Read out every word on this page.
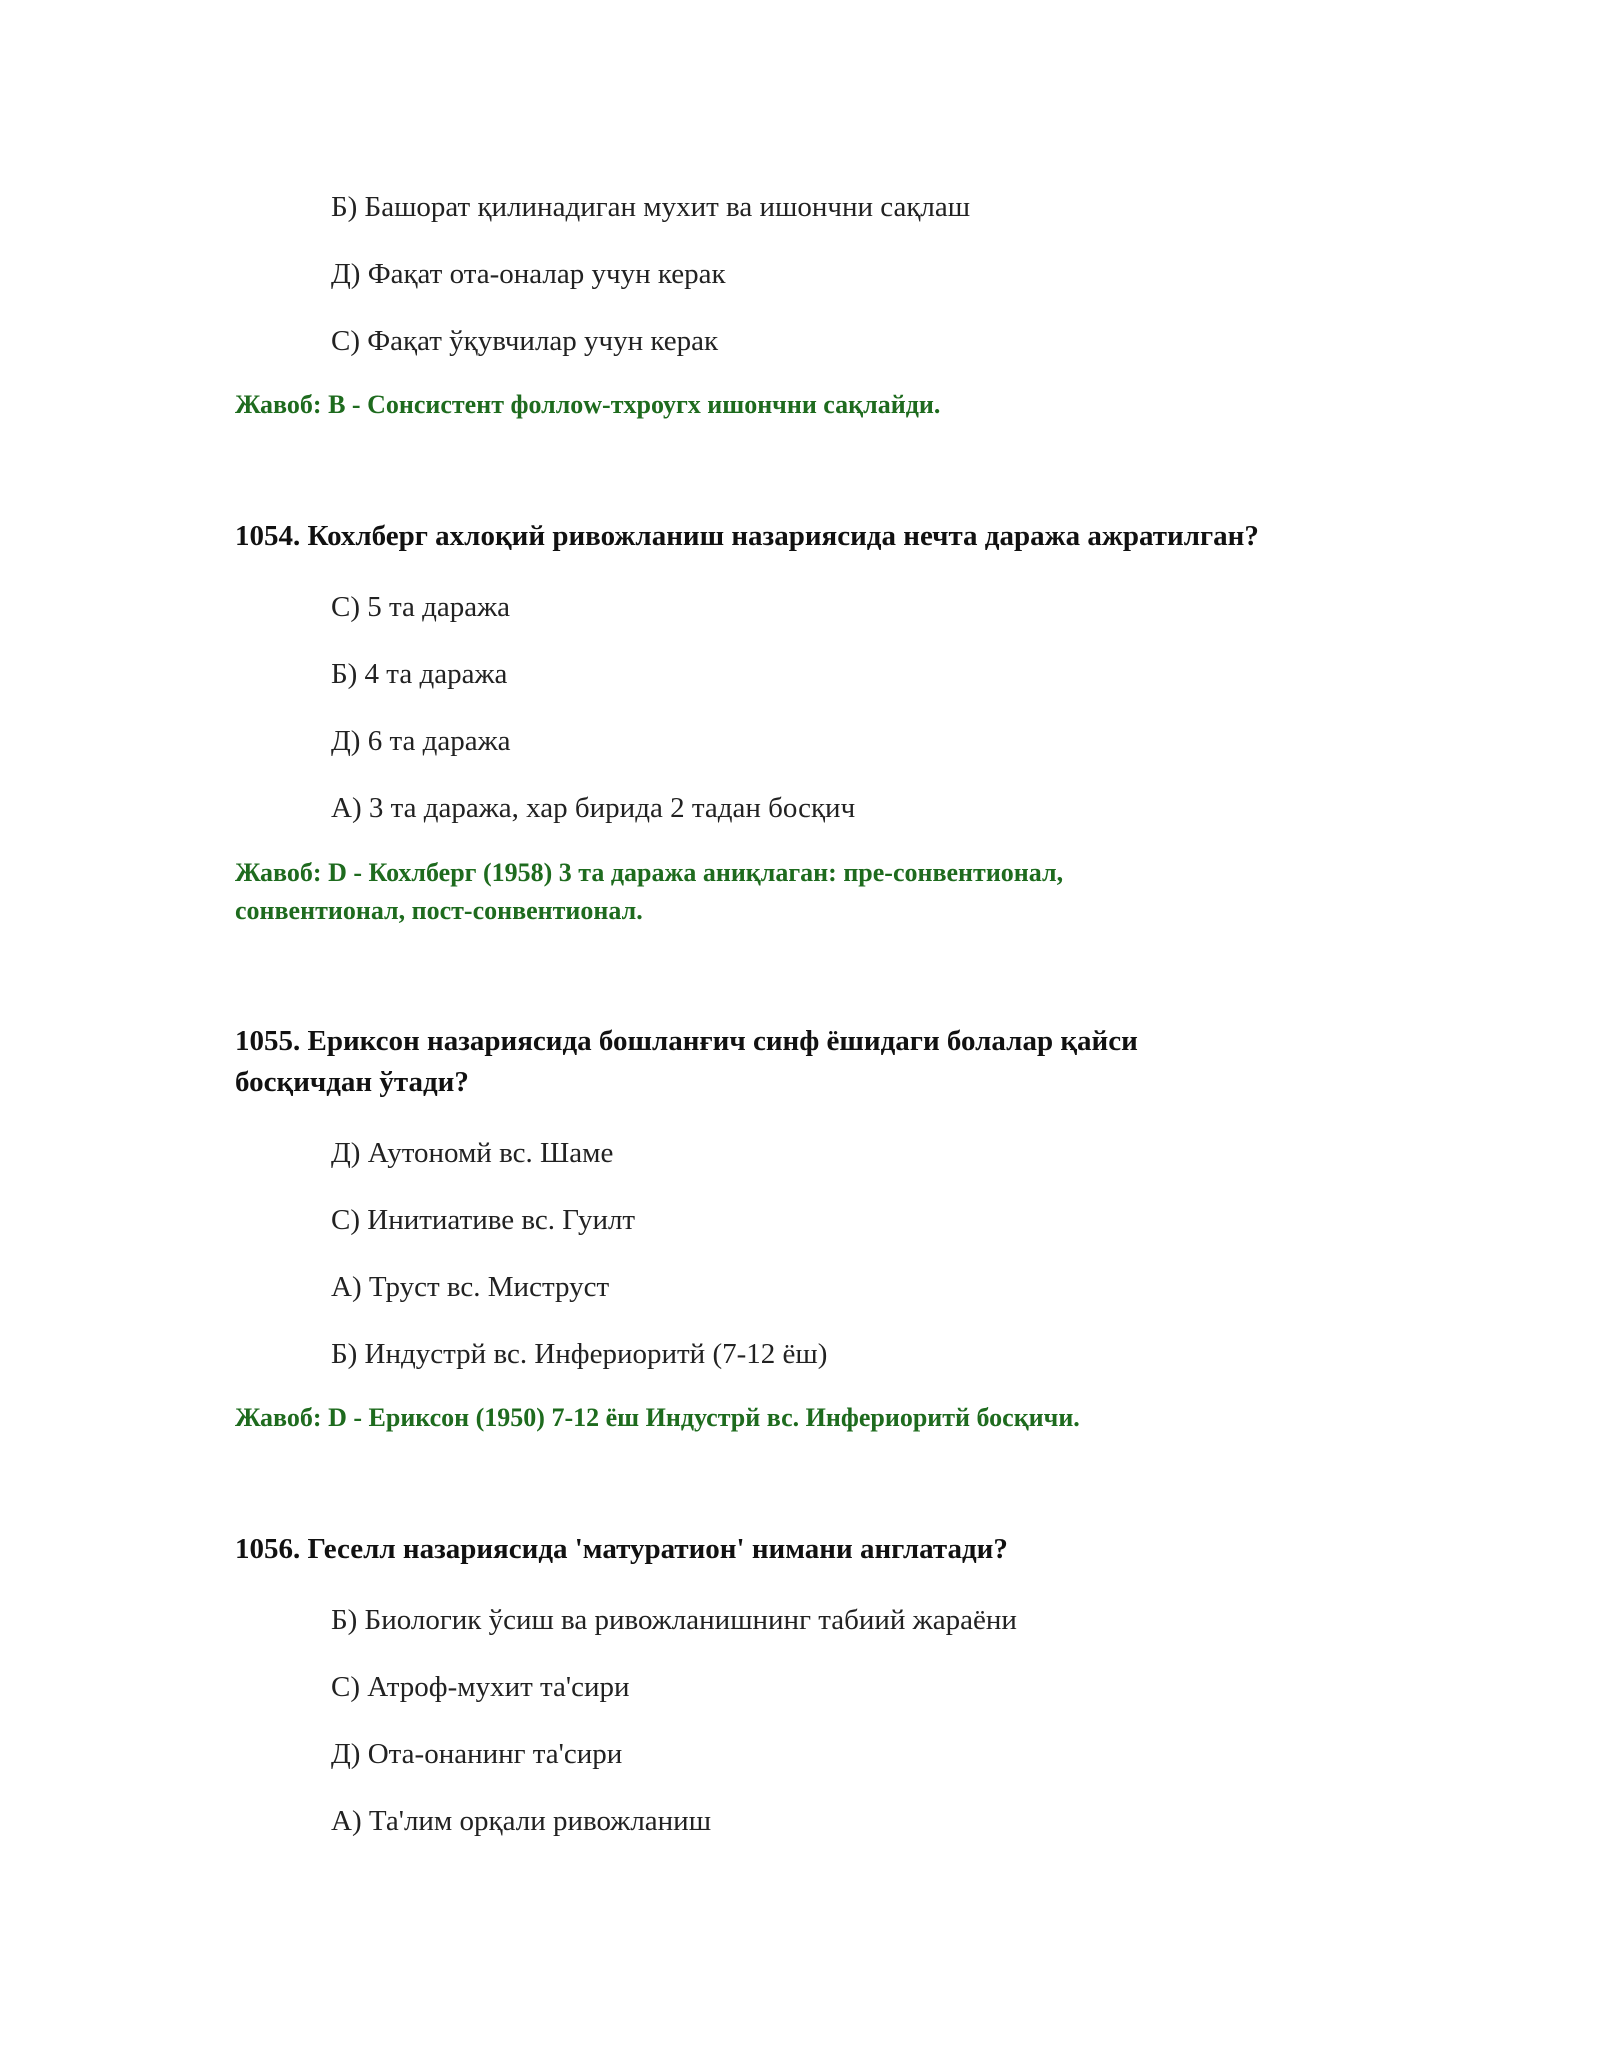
Б) Башорат қилинадиган мухит ва ишончни сақлаш
Д) Фақат ота-оналар учун керак
С) Фақат ўқувчилар учун керак
Жавоб: B - Сонсистент фоллоw-тхроугх ишончни сақлайди.
1054. Кохлберг ахлоқий ривожланиш назариясида нечта даража ажратилган?
С) 5 та даража
Б) 4 та даража
Д) 6 та даража
А) 3 та даража, хар бирида 2 тадан босқич
Жавоб: D - Кохлберг (1958) 3 та даража аниқлаган: пре-сонвентионал,
сонвентионал, пост-сонвентионал.
1055. Ериксон назариясида бошланғич синф ёшидаги болалар қайси
босқичдан ўтади?
Д) Аутономй вс. Шаме
С) Инитиативе вс. Гуилт
А) Труст вс. Миструст
Б) Индустрй вс. Инфериоритй (7-12 ёш)
Жавоб: D - Ериксон (1950) 7-12 ёш Индустрй вс. Инфериоритй босқичи.
1056. Геселл назариясида 'матуратион' нимани англатади?
Б) Биологик ўсиш ва ривожланишнинг табиий жараёни
С) Атроф-мухит та'сири
Д) Ота-онанинг та'сири
А) Та'лим орқали ривожланиш
